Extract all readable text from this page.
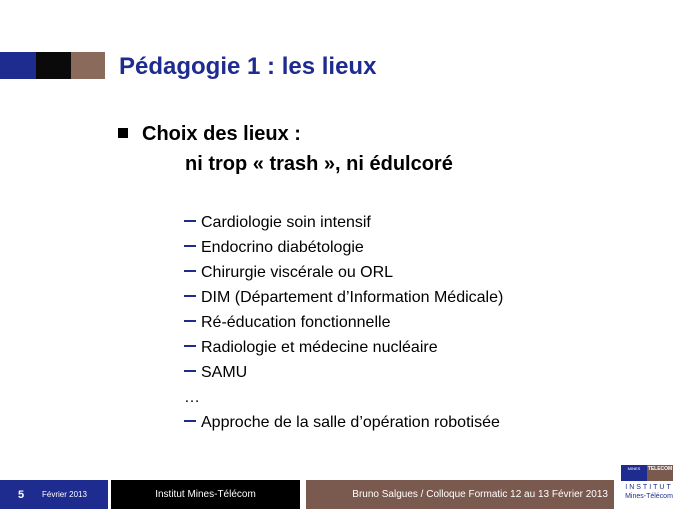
Pédagogie 1 : les lieux
Choix des lieux :
ni trop « trash », ni édulcoré
Cardiologie soin intensif
Endocrino diabétologie
Chirurgie viscérale ou ORL
DIM (Département d’Information Médicale)
Ré-éducation fonctionnelle
Radiologie et médecine nucléaire
SAMU
…
Approche de la salle d’opération robotisée
5	Février 2013	Institut Mines-Télécom	Bruno Salgues / Colloque Formatic 12 au 13 Février 2013
MINES	TELECOM
INSTITUT
Mines-Télécom
